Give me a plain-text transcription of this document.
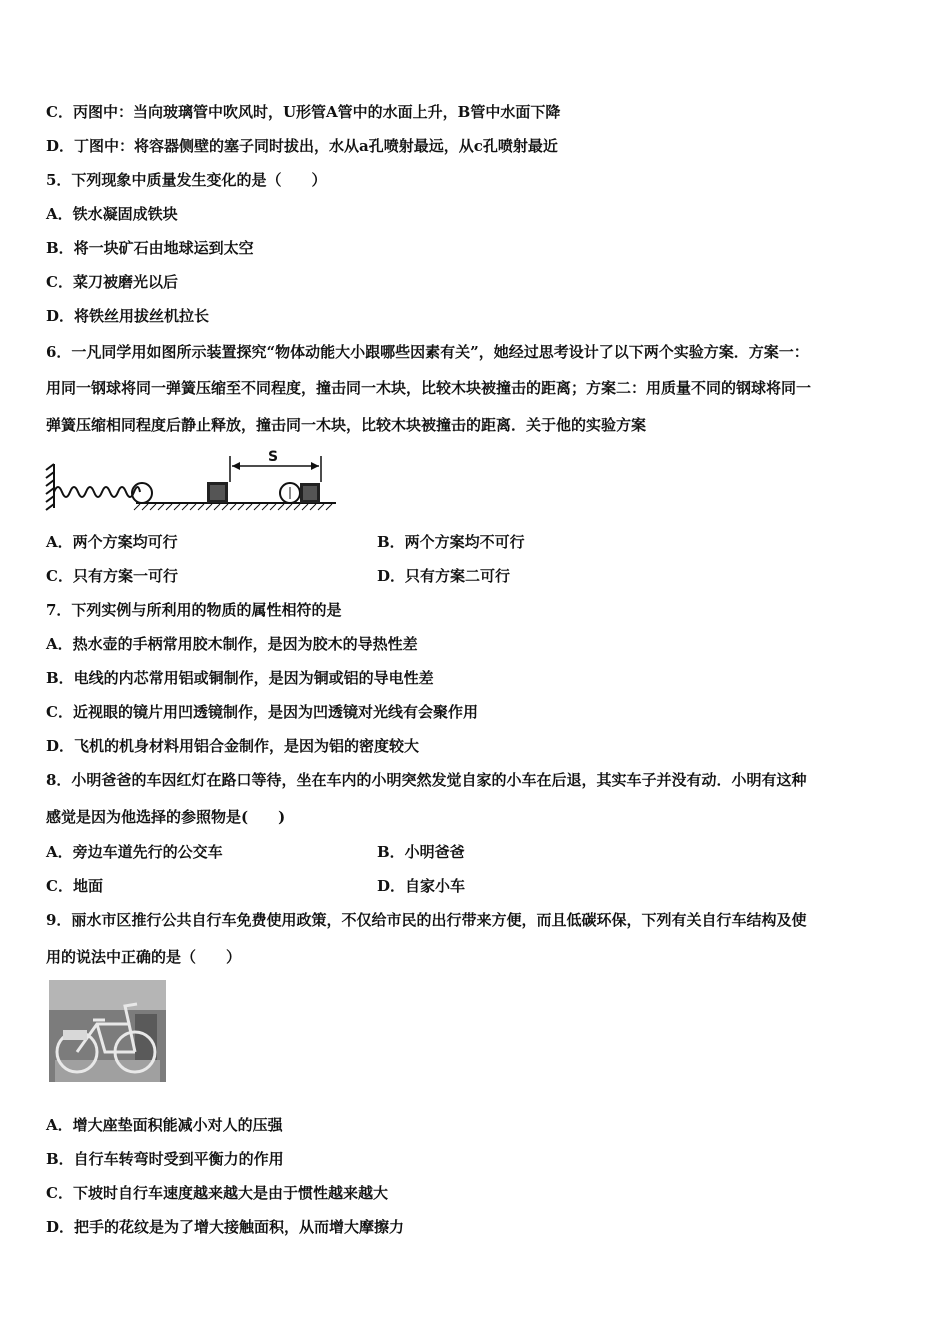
C．丙图中：当向玻璃管中吹风时，U形管A管中的水面上升，B管中水面下降
D．丁图中：将容器侧壁的塞子同时拔出，水从a孔喷射最远，从c孔喷射最近
5．下列现象中质量发生变化的是（　　）
A．铁水凝固成铁块
B．将一块矿石由地球运到太空
C．菜刀被磨光以后
D．将铁丝用拔丝机拉长
6．一凡同学用如图所示装置探究“物体动能大小跟哪些因素有关”，她经过思考设计了以下两个实验方案．方案一：
用同一钢球将同一弹簧压缩至不同程度，撞击同一木块，比较木块被撞击的距离；方案二：用质量不同的钢球将同一
弹簧压缩相同程度后静止释放，撞击同一木块，比较木块被撞击的距离．关于他的实验方案
S
A．两个方案均可行	B．两个方案均不可行
C．只有方案一可行	D．只有方案二可行
7．下列实例与所利用的物质的属性相符的是
A．热水壶的手柄常用胶木制作，是因为胶木的导热性差
B．电线的内芯常用铝或铜制作，是因为铜或铝的导电性差
C．近视眼的镜片用凹透镜制作，是因为凹透镜对光线有会聚作用
D．飞机的机身材料用铝合金制作，是因为铝的密度较大
8．小明爸爸的车因红灯在路口等待，坐在车内的小明突然发觉自家的小车在后退，其实车子并没有动．小明有这种
感觉是因为他选择的参照物是(　　)
A．旁边车道先行的公交车	B．小明爸爸
C．地面	D．自家小车
9．丽水市区推行公共自行车免费使用政策，不仅给市民的出行带来方便，而且低碳环保，下列有关自行车结构及使
用的说法中正确的是（　　）
A．增大座垫面积能减小对人的压强
B．自行车转弯时受到平衡力的作用
C．下坡时自行车速度越来越大是由于惯性越来越大
D．把手的花纹是为了增大接触面积，从而增大摩擦力
